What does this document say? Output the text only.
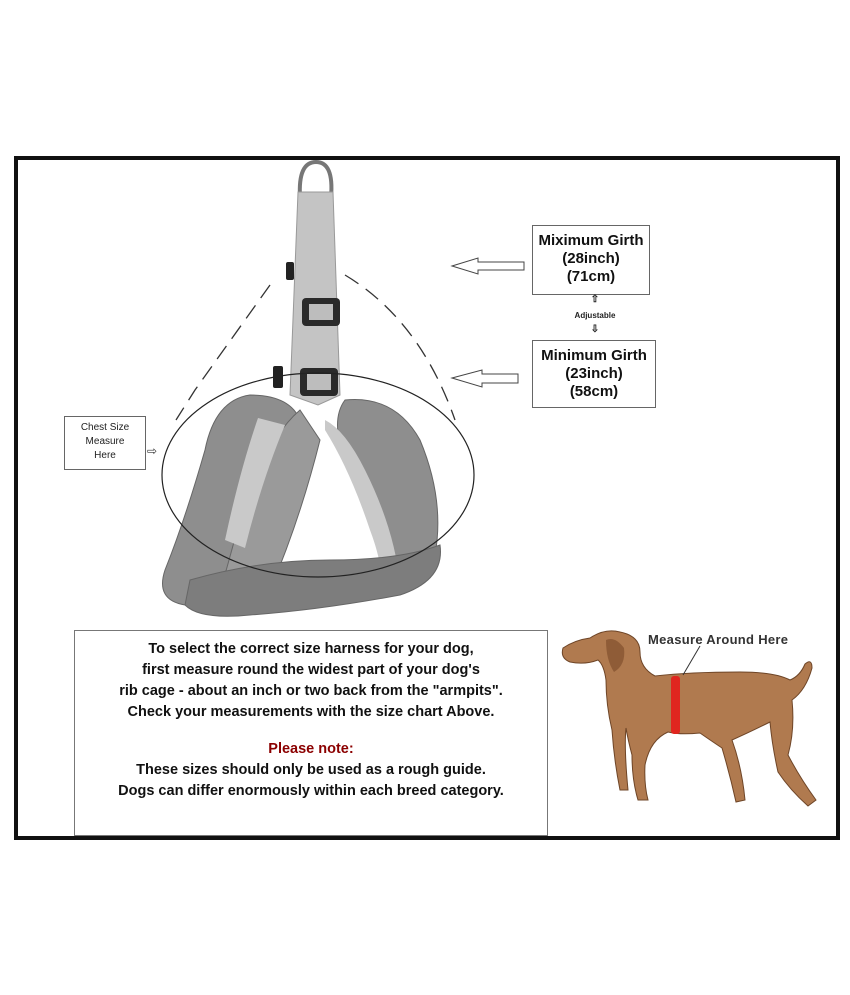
Miximum Girth
(28inch)
(71cm)
⇧
Adjustable
⇩
Minimum Girth
(23inch)
(58cm)
Chest Size
Measure
Here	⇨
To select the correct size harness for your dog,
first measure round the widest part of your dog's
rib cage - about an inch or two back from the "armpits".
Check your measurements with the size chart Above.
Please note:
These sizes should only be used as a rough guide.
Dogs can differ enormously within each breed category.
Measure Around Here
